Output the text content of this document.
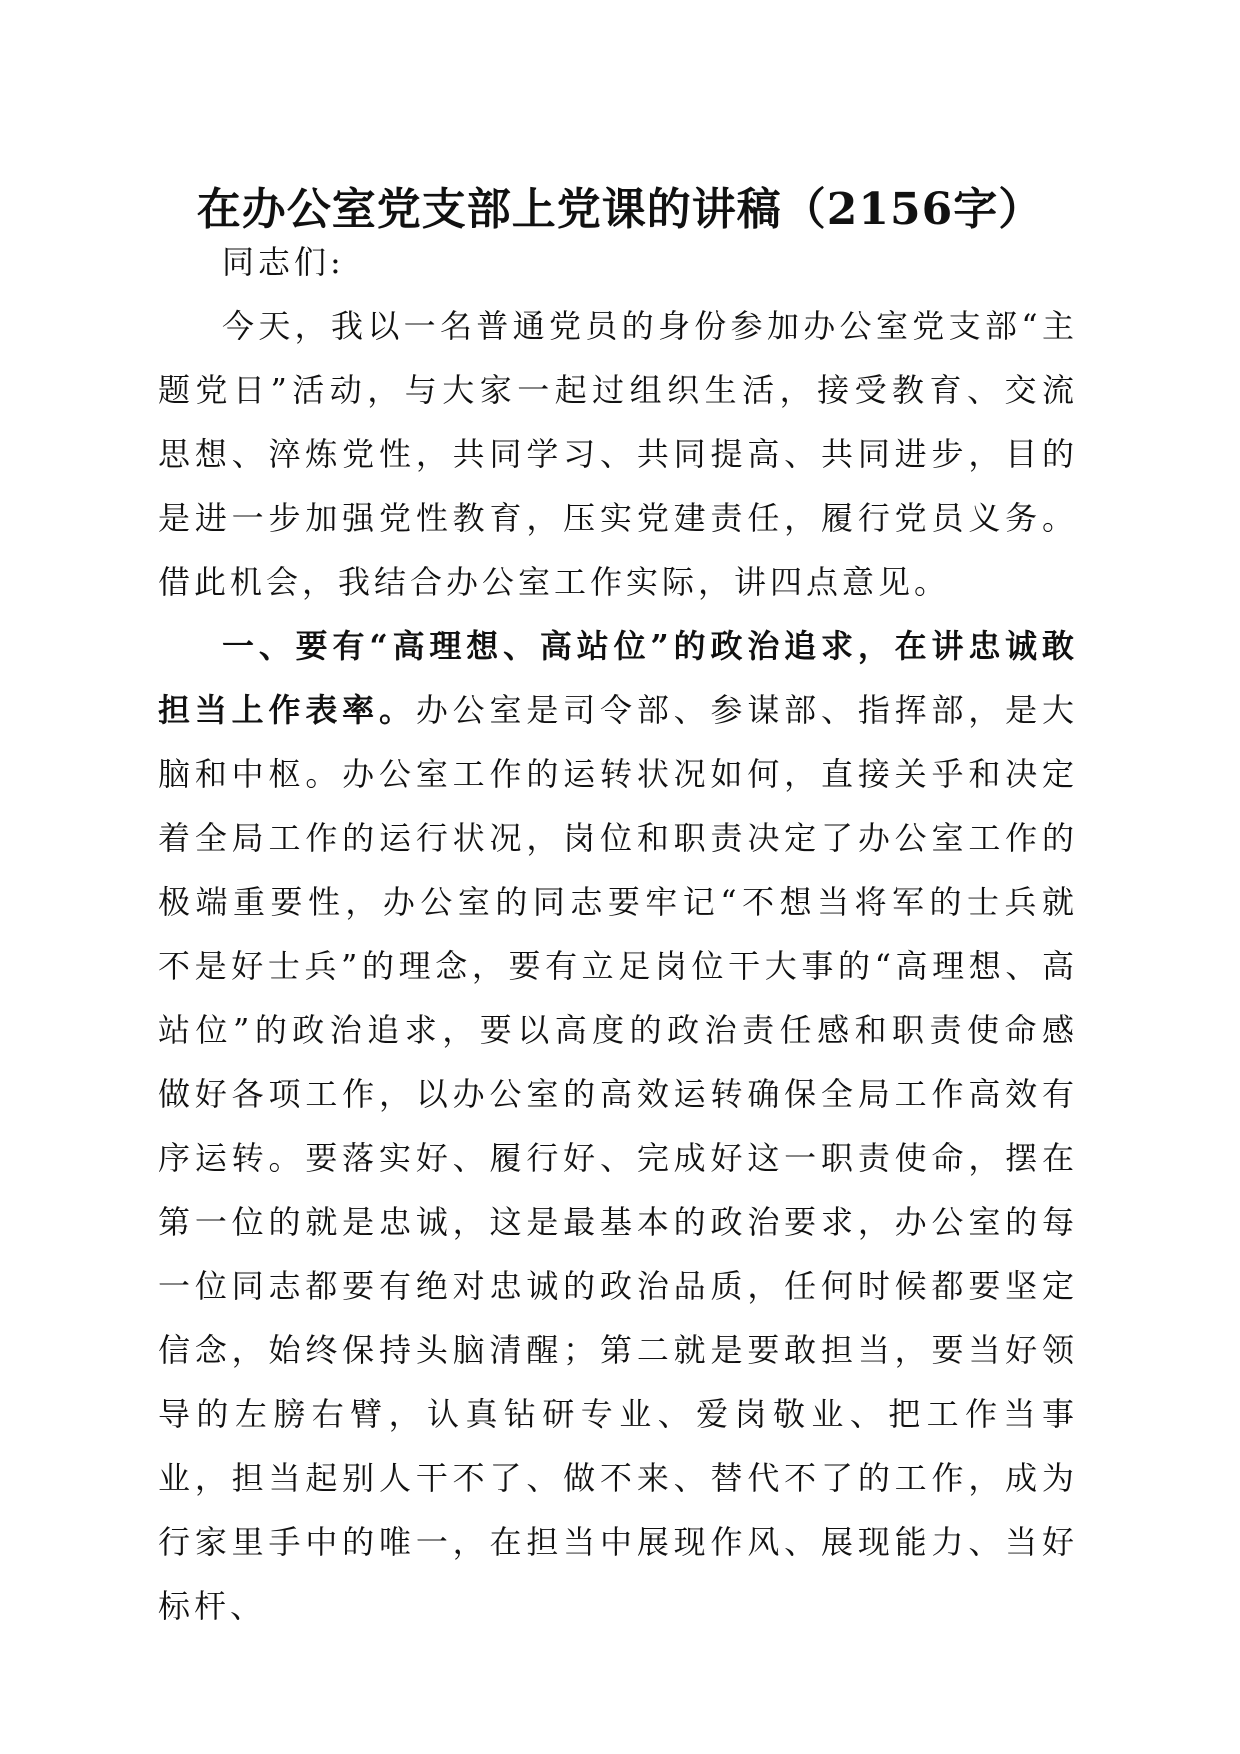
在办公室党支部上党课的讲稿（2156字）

同志们:

今天，我以一名普通党员的身份参加办公室党支部“主题党日”活动，与大家一起过组织生活，接受教育、交流思想、淬炼党性，共同学习、共同提高、共同进步，目的是进一步加强党性教育，压实党建责任，履行党员义务。借此机会，我结合办公室工作实际，讲四点意见。

一、要有“高理想、高站位”的政治追求，在讲忠诚敢担当上作表率。办公室是司令部、参谋部、指挥部，是大脑和中枢。办公室工作的运转状况如何，直接关乎和决定着全局工作的运行状况，岗位和职责决定了办公室工作的极端重要性，办公室的同志要牢记“不想当将军的士兵就不是好士兵”的理念，要有立足岗位干大事的“高理想、高站位”的政治追求，要以高度的政治责任感和职责使命感做好各项工作，以办公室的高效运转确保全局工作高效有序运转。要落实好、履行好、完成好这一职责使命，摆在第一位的就是忠诚，这是最基本的政治要求，办公室的每一位同志都要有绝对忠诚的政治品质，任何时候都要坚定信念，始终保持头脑清醒；第二就是要敢担当，要当好领导的左膀右臂，认真钻研专业、爱岗敬业、把工作当事业，担当起别人干不了、做不来、替代不了的工作，成为行家里手中的唯一，在担当中展现作风、展现能力、当好标杆、
